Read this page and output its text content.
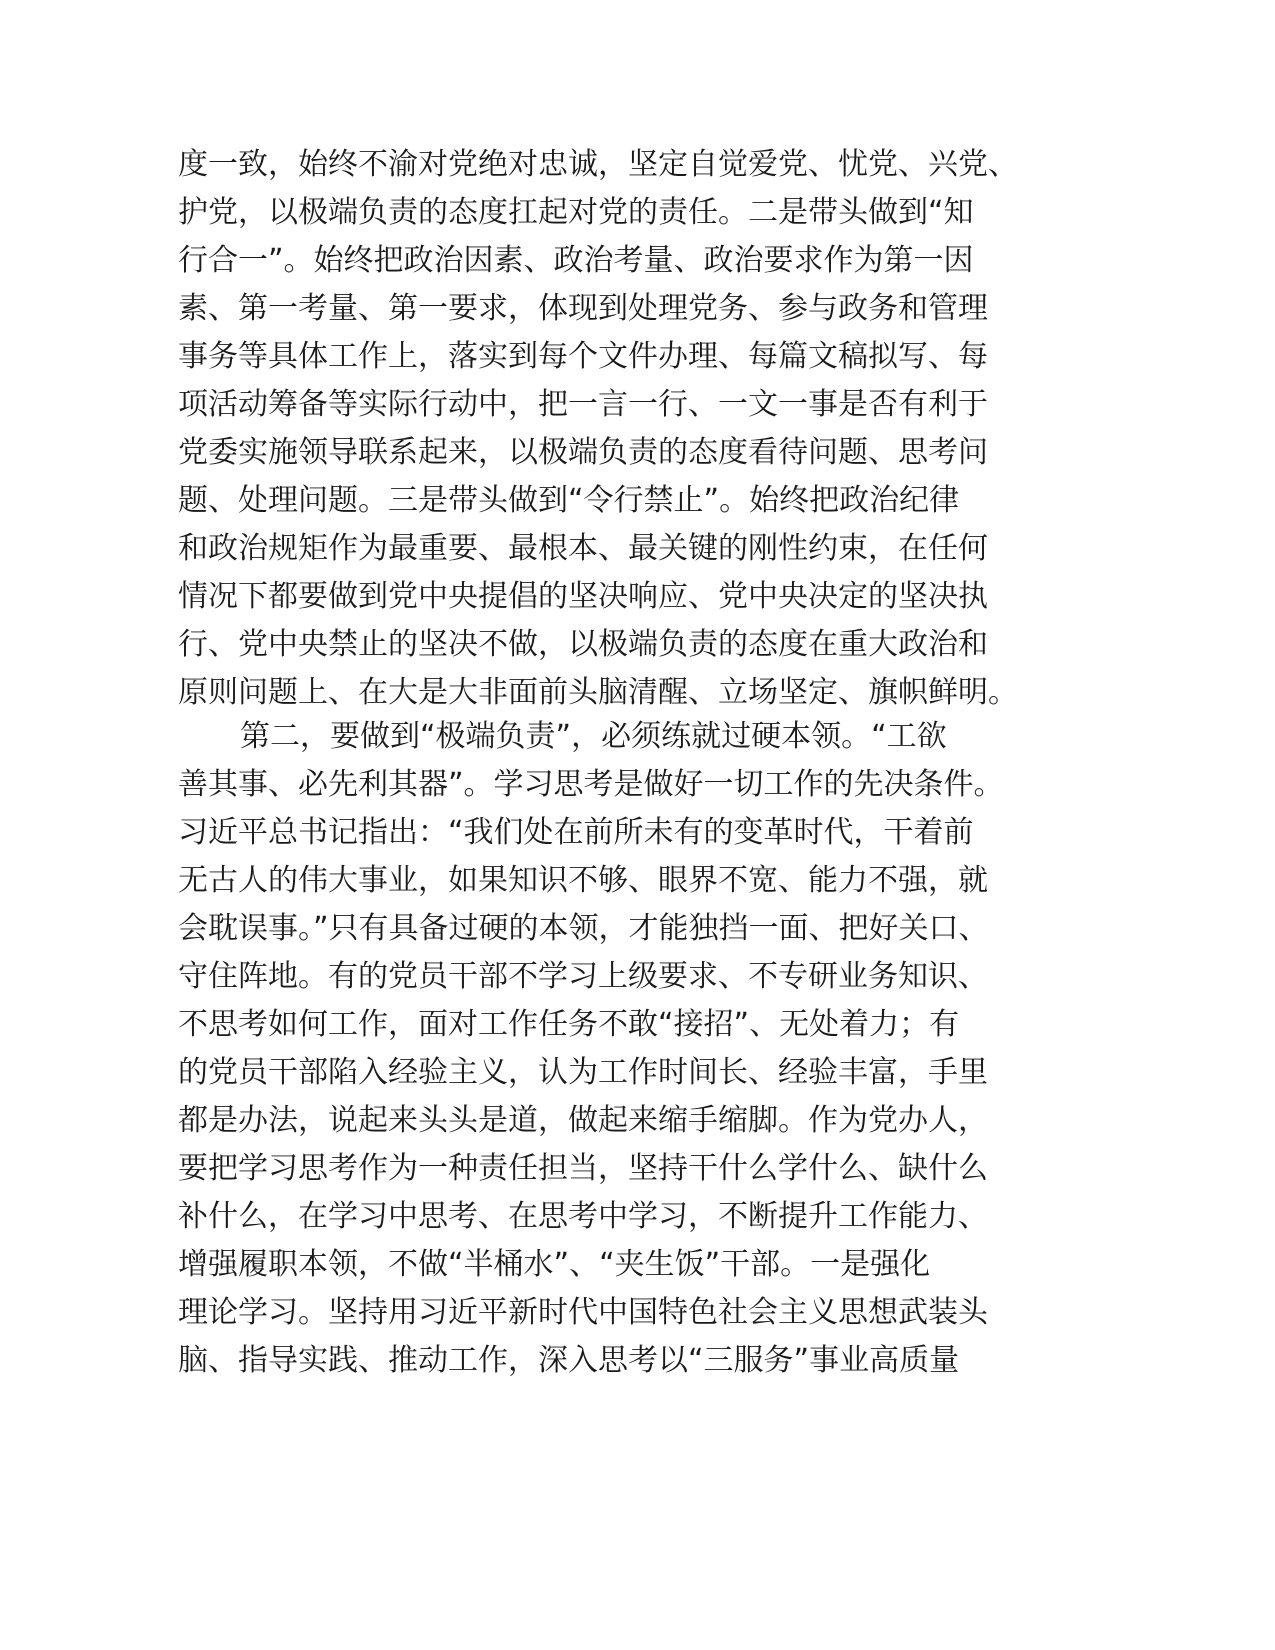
度一致，始终不渝对党绝对忠诚，坚定自觉爱党、忧党、兴党、
护党，以极端负责的态度扛起对党的责任。二是带头做到“知
行合一”。始终把政治因素、政治考量、政治要求作为第一因
素、第一考量、第一要求，体现到处理党务、参与政务和管理
事务等具体工作上，落实到每个文件办理、每篇文稿拟写、每
项活动筹备等实际行动中，把一言一行、一文一事是否有利于
党委实施领导联系起来，以极端负责的态度看待问题、思考问
题、处理问题。三是带头做到“令行禁止”。始终把政治纪律
和政治规矩作为最重要、最根本、最关键的刚性约束，在任何
情况下都要做到党中央提倡的坚决响应、党中央决定的坚决执
行、党中央禁止的坚决不做，以极端负责的态度在重大政治和
原则问题上、在大是大非面前头脑清醒、立场坚定、旗帜鲜明。
第二，要做到“极端负责”，必须练就过硬本领。“工欲
善其事、必先利其器”。学习思考是做好一切工作的先决条件。
习近平总书记指出：“我们处在前所未有的变革时代，干着前
无古人的伟大事业，如果知识不够、眼界不宽、能力不强，就
会耽误事。”只有具备过硬的本领，才能独挡一面、把好关口、
守住阵地。有的党员干部不学习上级要求、不专研业务知识、
不思考如何工作，面对工作任务不敢“接招”、无处着力；有
的党员干部陷入经验主义，认为工作时间长、经验丰富，手里
都是办法，说起来头头是道，做起来缩手缩脚。作为党办人，
要把学习思考作为一种责任担当，坚持干什么学什么、缺什么
补什么，在学习中思考、在思考中学习，不断提升工作能力、
增强履职本领，不做“半桶水”、“夹生饭”干部。一是强化
理论学习。坚持用习近平新时代中国特色社会主义思想武装头
脑、指导实践、推动工作，深入思考以“三服务”事业高质量
